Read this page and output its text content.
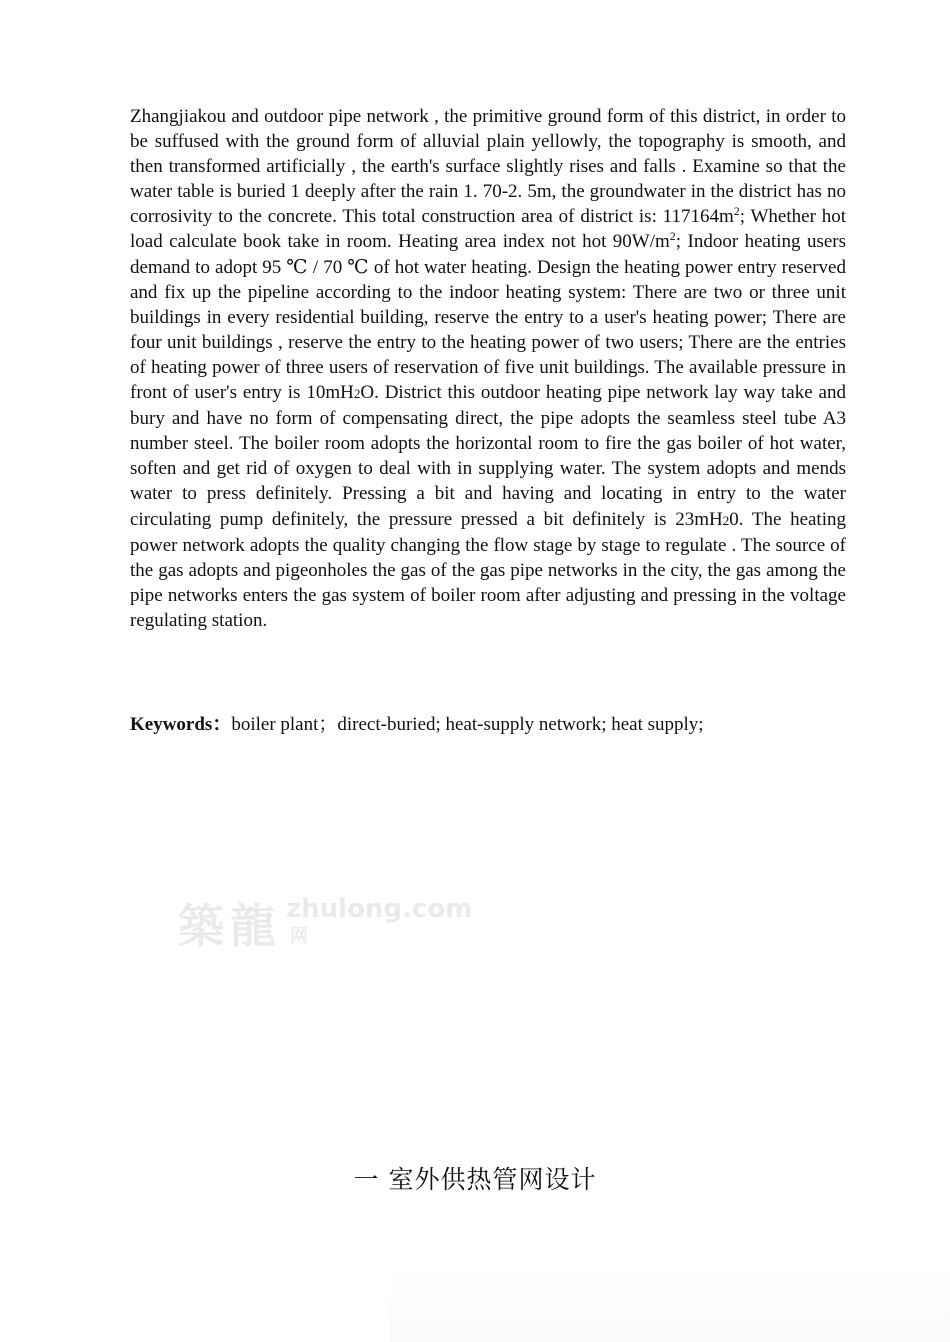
Zhangjiakou and outdoor pipe network , the primitive ground form of this district, in order to be suffused with the ground form of alluvial plain yellowly, the topography is smooth, and then transformed artificially , the earth's surface slightly rises and falls . Examine so that the water table is buried 1 deeply after the rain 1. 70-2. 5m, the groundwater in the district has no corrosivity to the concrete. This total construction area of district is: $117164m^2$; Whether hot load calculate book take in room. Heating area index not hot $90W/m^2$; Indoor heating users demand to adopt 95 ℃ / 70 ℃ of hot water heating. Design the heating power entry reserved and fix up the pipeline according to the indoor heating system: There are two or three unit buildings in every residential building, reserve the entry to a user's heating power; There are four unit buildings , reserve the entry to the heating power of two users; There are the entries of heating power of three users of reservation of five unit buildings. The available pressure in front of user's entry is 10mH2O. District this outdoor heating pipe network lay way take and bury and have no form of compensating direct, the pipe adopts the seamless steel tube A3 number steel. The boiler room adopts the horizontal room to fire the gas boiler of hot water, soften and get rid of oxygen to deal with in supplying water. The system adopts and mends water to press definitely. Pressing a bit and having and locating in entry to the water circulating pump definitely, the pressure pressed a bit definitely is 23mH20. The heating power network adopts the quality changing the flow stage by stage to regulate . The source of the gas adopts and pigeonholes the gas of the gas pipe networks in the city, the gas among the pipe networks enters the gas system of boiler room after adjusting and pressing in the voltage regulating station.
Keywords：boiler plant；direct-buried; heat-supply network; heat supply;
築龍 zhulong.com
网
一 室外供热管网设计
